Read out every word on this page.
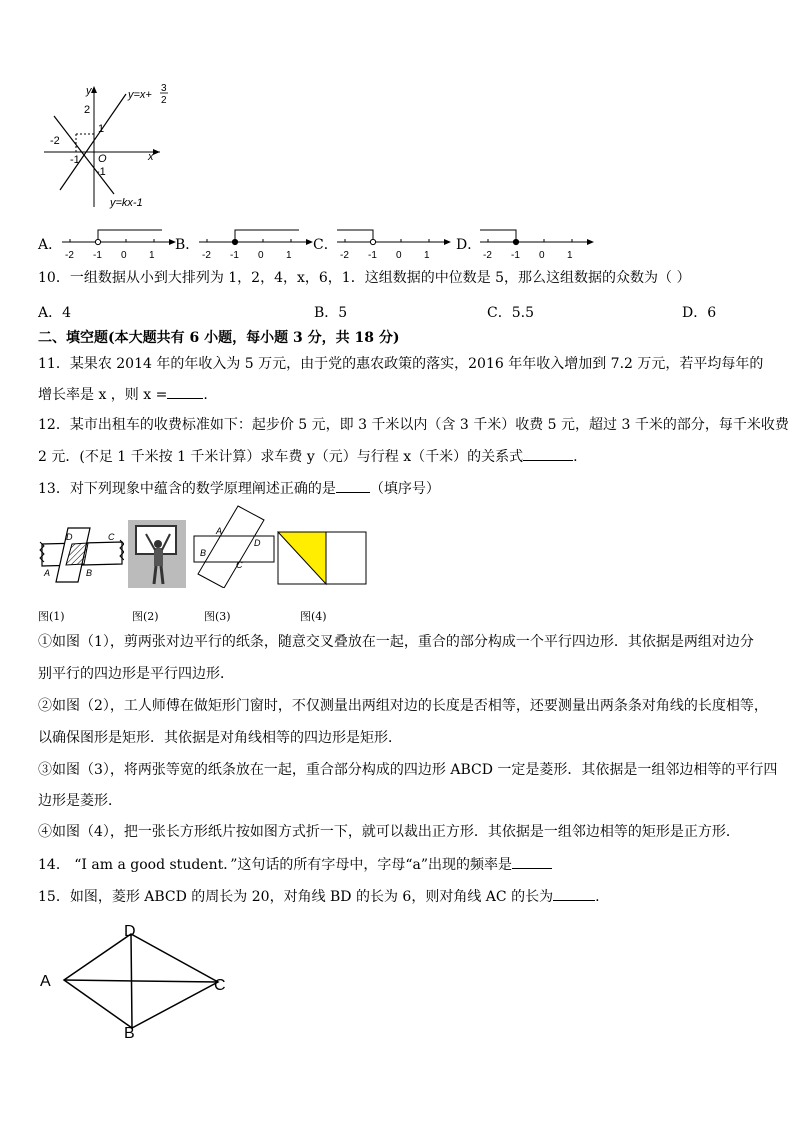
x
y
O
2
1
-2
-1
-1
y=x+
3
2
y=kx-1
A．
-2 -1 0 1
B．
-2 -1 0 1
C．
-2 -1 0 1
D．
-2 -1 0 1
10．一组数据从小到大排列为 1，2，4，x，6，1．这组数据的中位数是 5，那么这组数据的众数为（ ）
A．4	B．5	C．5.5	D．6
二、填空题(本大题共有 6 小题，每小题 3 分，共 18 分)
11．某果农 2014 年的年收入为 5 万元，由于党的惠农政策的落实，2016 年年收入增加到 7.2 万元，若平均每年的
增长率是 x ，则 x =	.
12．某市出租车的收费标准如下：起步价 5 元，即 3 千米以内（含 3 千米）收费 5 元，超过 3 千米的部分，每千米收费
2 元．(不足 1 千米按 1 千米计算）求车费 y（元）与行程 x（千米）的关系式	.
13．对下列现象中蕴含的数学原理阐述正确的是 （填序号）
D	C
A	B
A
D
B
C
图(1)	图(2)	图(3)	图(4)
①如图（1），剪两张对边平行的纸条，随意交叉叠放在一起，重合的部分构成一个平行四边形．其依据是两组对边分
别平行的四边形是平行四边形．
②如图（2），工人师傅在做矩形门窗时，不仅测量出两组对边的长度是否相等，还要测量出两条条对角线的长度相等，
以确保图形是矩形．其依据是对角线相等的四边形是矩形．
③如图（3），将两张等宽的纸条放在一起，重合部分构成的四边形 ABCD 一定是菱形．其依据是一组邻边相等的平行四
边形是菱形．
④如图（4），把一张长方形纸片按如图方式折一下，就可以裁出正方形．其依据是一组邻边相等的矩形是正方形．
14． “I am a good student．”这句话的所有字母中，字母“a”出现的频率是
15．如图，菱形 ABCD 的周长为 20，对角线 BD 的长为 6，则对角线 AC 的长为	.
A
B
C
D
